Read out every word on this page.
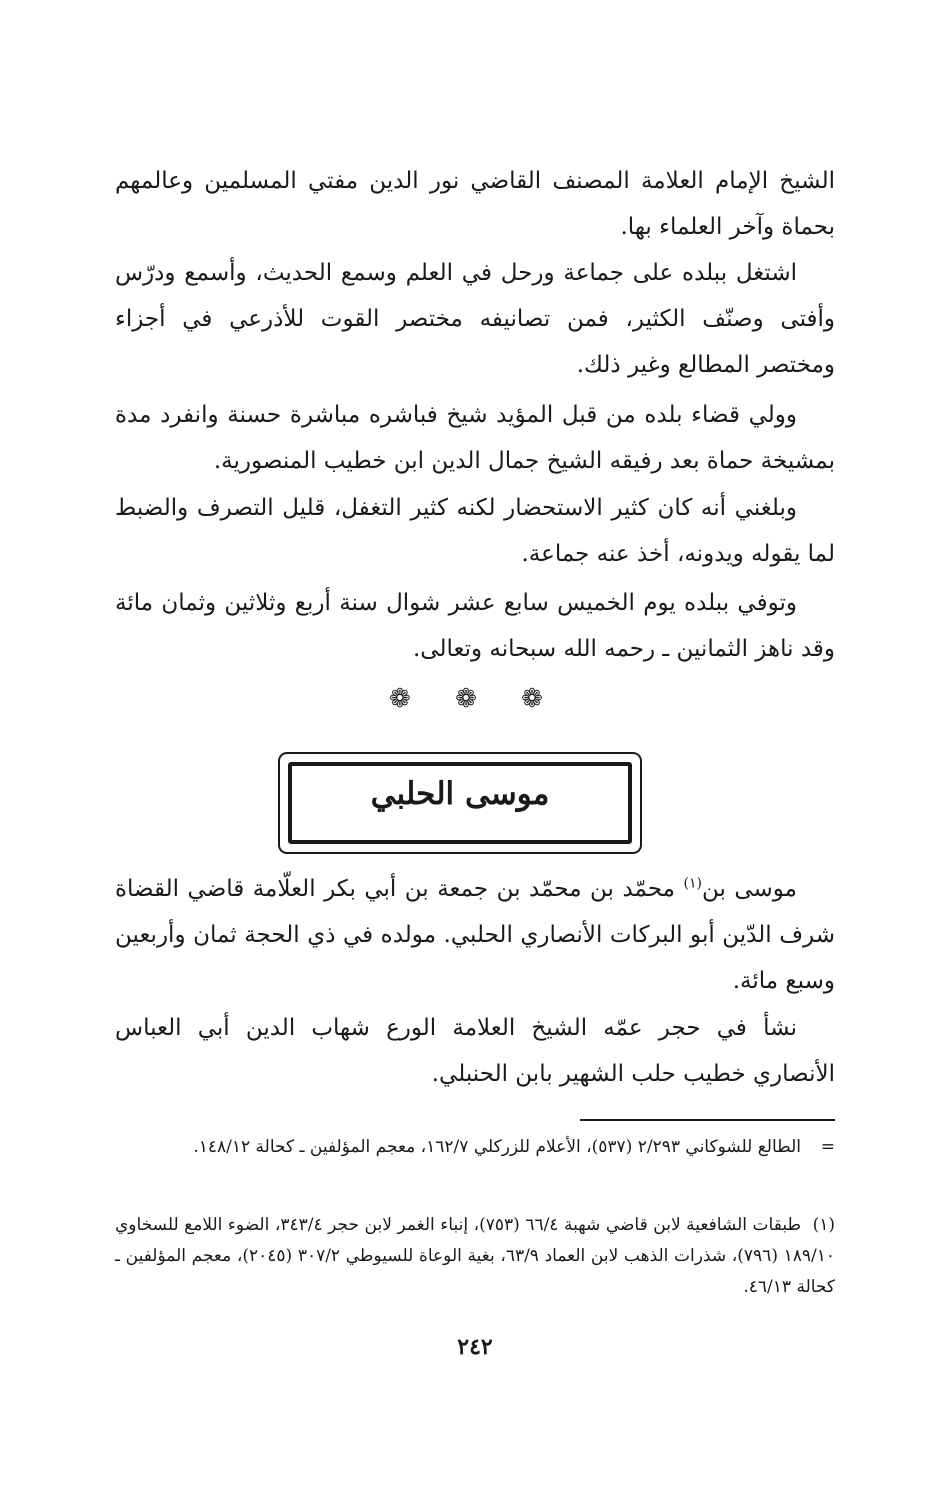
الشيخ الإمام العلامة المصنف القاضي نور الدين مفتي المسلمين وعالمهم بحماة وآخر العلماء بها.

اشتغل ببلده على جماعة ورحل في العلم وسمع الحديث، وأسمع ودرّس وأفتى وصنّف الكثير، فمن تصانيفه مختصر القوت للأذرعي في أجزاء ومختصر المطالع وغير ذلك.

وولي قضاء بلده من قبل المؤيد شيخ فباشره مباشرة حسنة وانفرد مدة بمشيخة حماة بعد رفيقه الشيخ جمال الدين ابن خطيب المنصورية.

وبلغني أنه كان كثير الاستحضار لكنه كثير التغفل، قليل التصرف والضبط لما يقوله ويدونه، أخذ عنه جماعة.

وتوفي ببلده يوم الخميس سابع عشر شوال سنة أربع وثلاثين وثمان مائة وقد ناهز الثمانين ـ رحمه الله سبحانه وتعالى.

❁ ❁ ❁
موسى الحلبي

موسى بن$^{(١)}$ محمّد بن محمّد بن جمعة بن أبي بكر العلّامة قاضي القضاة شرف الدّين أبو البركات الأنصاري الحلبي. مولده في ذي الحجة ثمان وأربعين وسبع مائة.

نشأ في حجر عمّه الشيخ العلامة الورع شهاب الدين أبي العباس الأنصاري خطيب حلب الشهير بابن الحنبلي.

=الطالع للشوكاني ٢/٢٩٣ (٥٣٧)، الأعلام للزركلي ١٦٢/٧، معجم المؤلفين ـ كحالة ١٤٨/١٢.
(١)طبقات الشافعية لابن قاضي شهبة ٦٦/٤ (٧٥٣)، إنباء الغمر لابن حجر ٣٤٣/٤، الضوء اللامع للسخاوي ١٨٩/١٠ (٧٩٦)، شذرات الذهب لابن العماد ٦٣/٩، بغية الوعاة للسيوطي ٣٠٧/٢ (٢٠٤٥)، معجم المؤلفين ـ كحالة ٤٦/١٣.
٢٤٢
